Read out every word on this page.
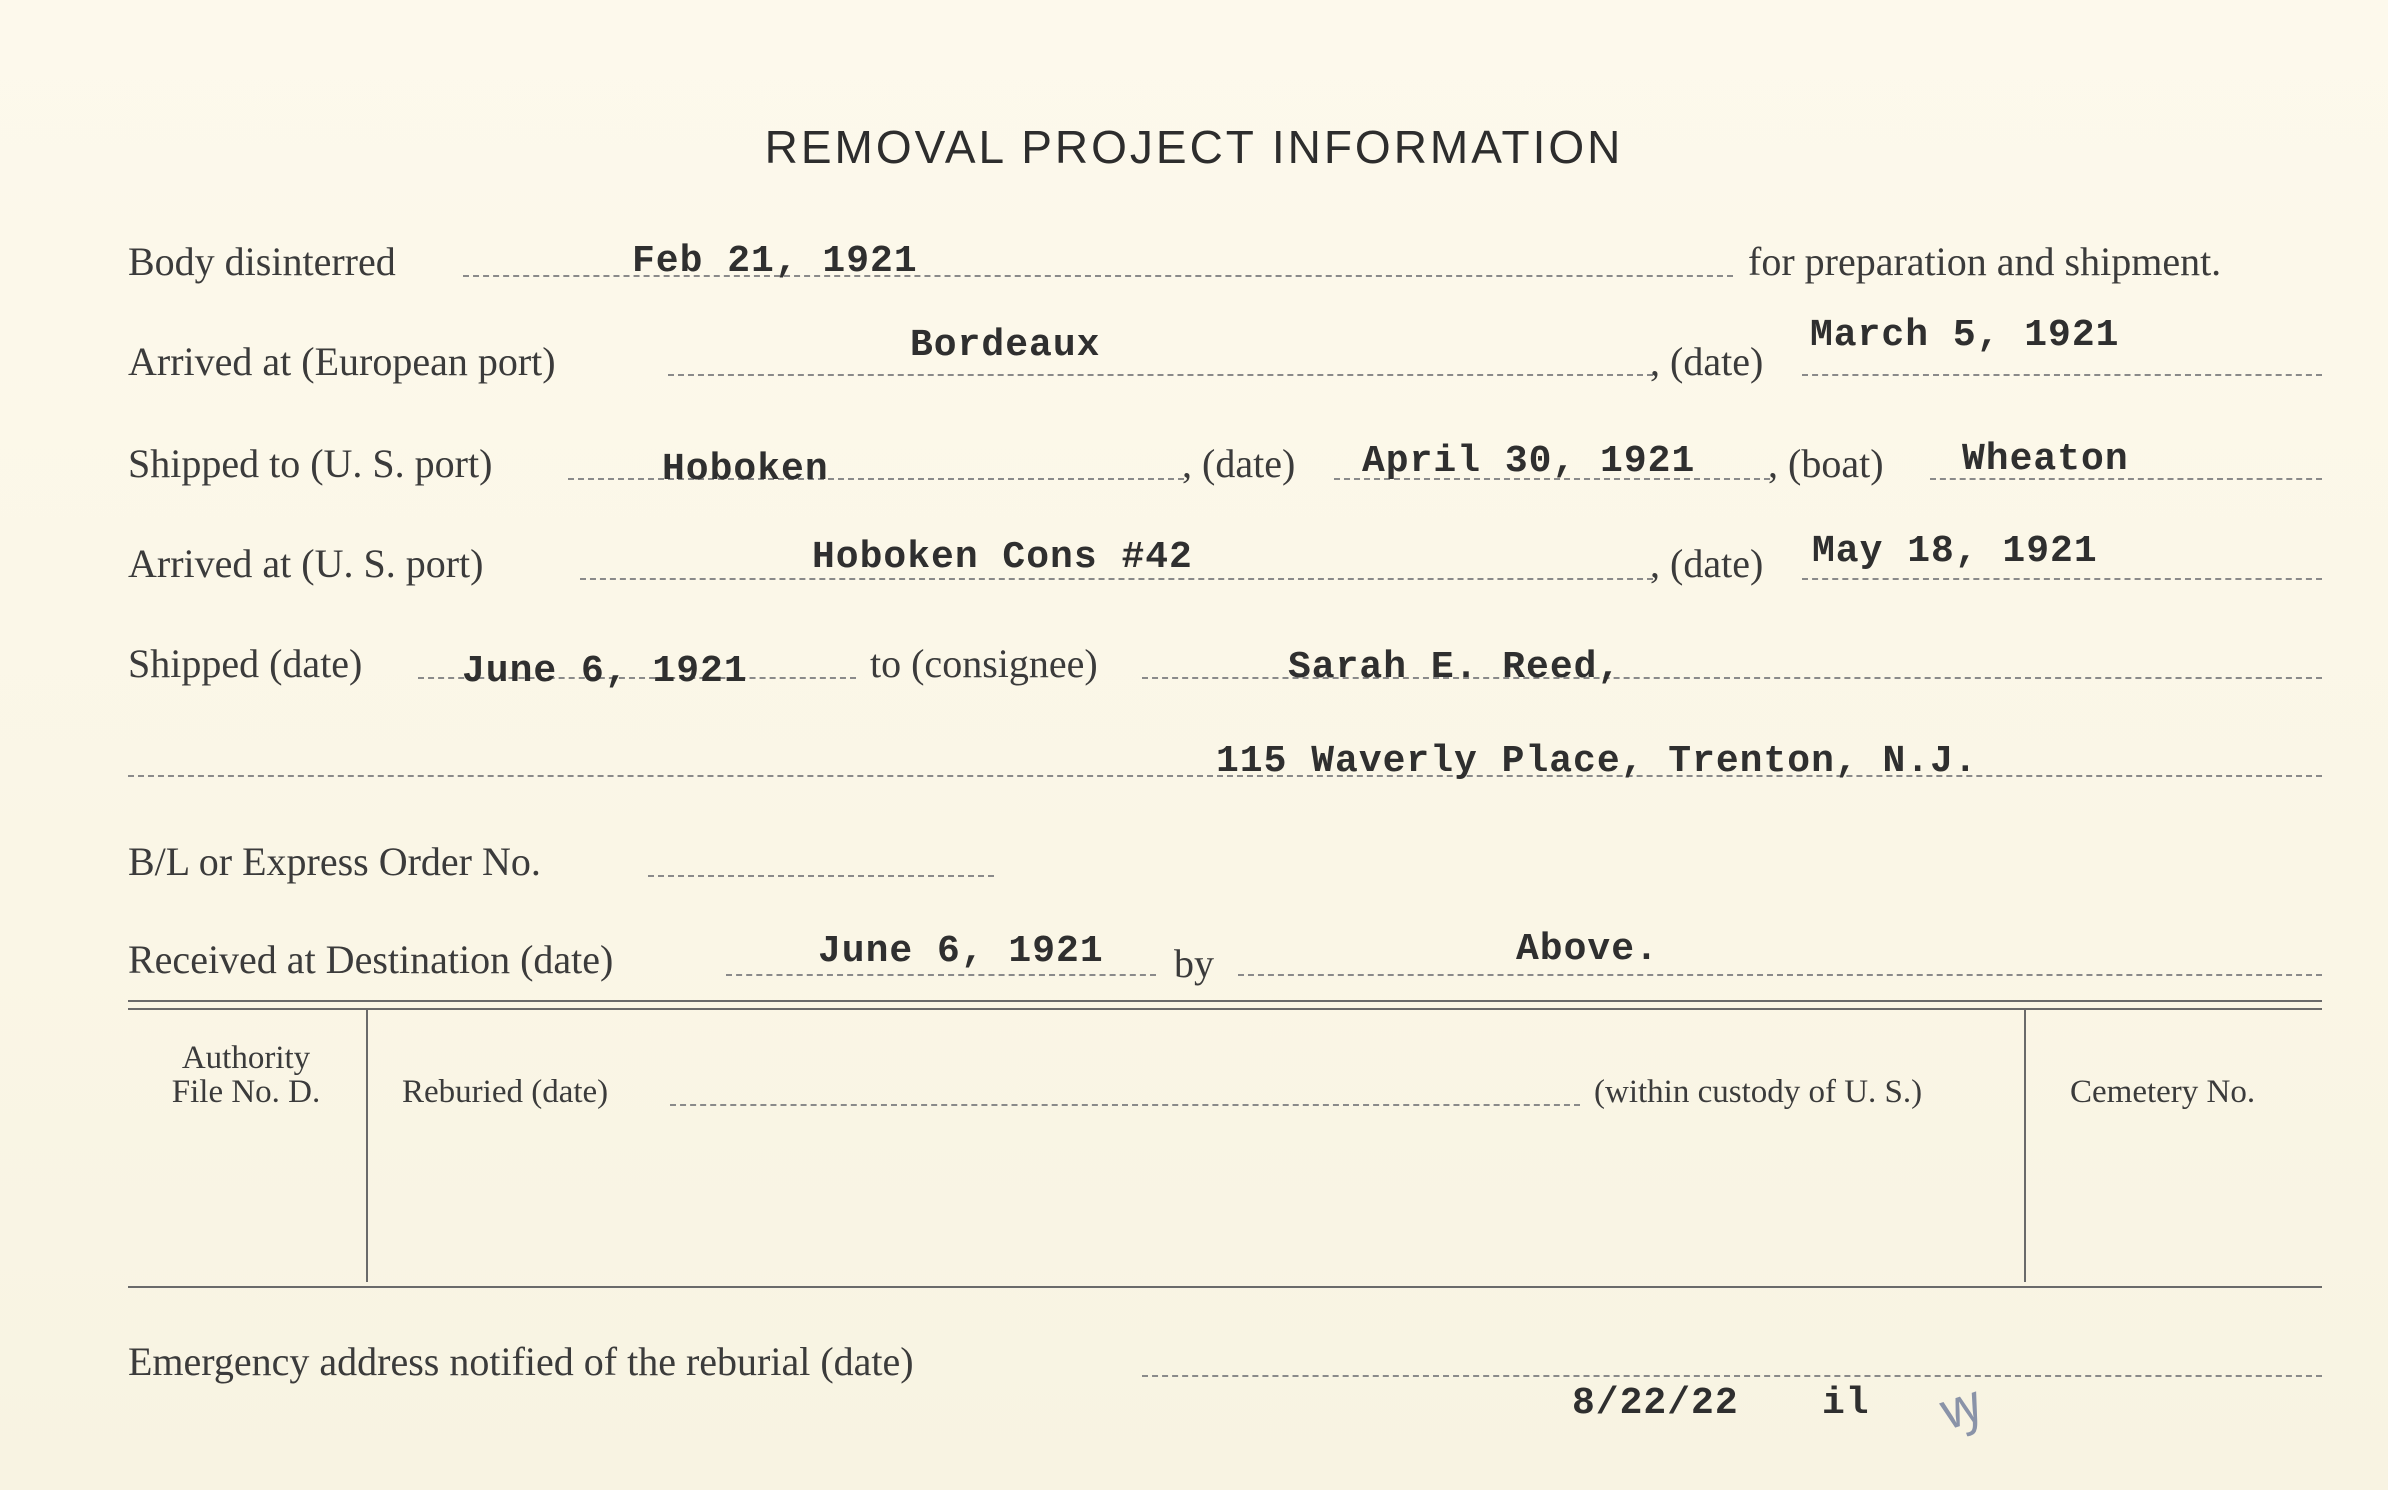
REMOVAL PROJECT INFORMATION
Body disinterred	Feb 21, 1921	for preparation and shipment.
Arrived at (European port)	Bordeaux	, (date)
March 5, 1921
Shipped to (U. S. port)	Hoboken	, (date) April 30, 1921 , (boat) Wheaton
Arrived at (U. S. port)	Hoboken Cons #42	, (date) May 18, 1921
Shipped (date)	June 6, 1921	to (consignee)	Sarah E. Reed,
115 Waverly Place, Trenton, N.J.
B/L or Express Order No.
Received at Destination (date)	June 6, 1921 by	Above.
Authority
File No. D.	Reburied (date)	(within custody of U. S.)	Cemetery No.
Emergency address notified of the reburial (date)
8/22/22 il ꝡ
